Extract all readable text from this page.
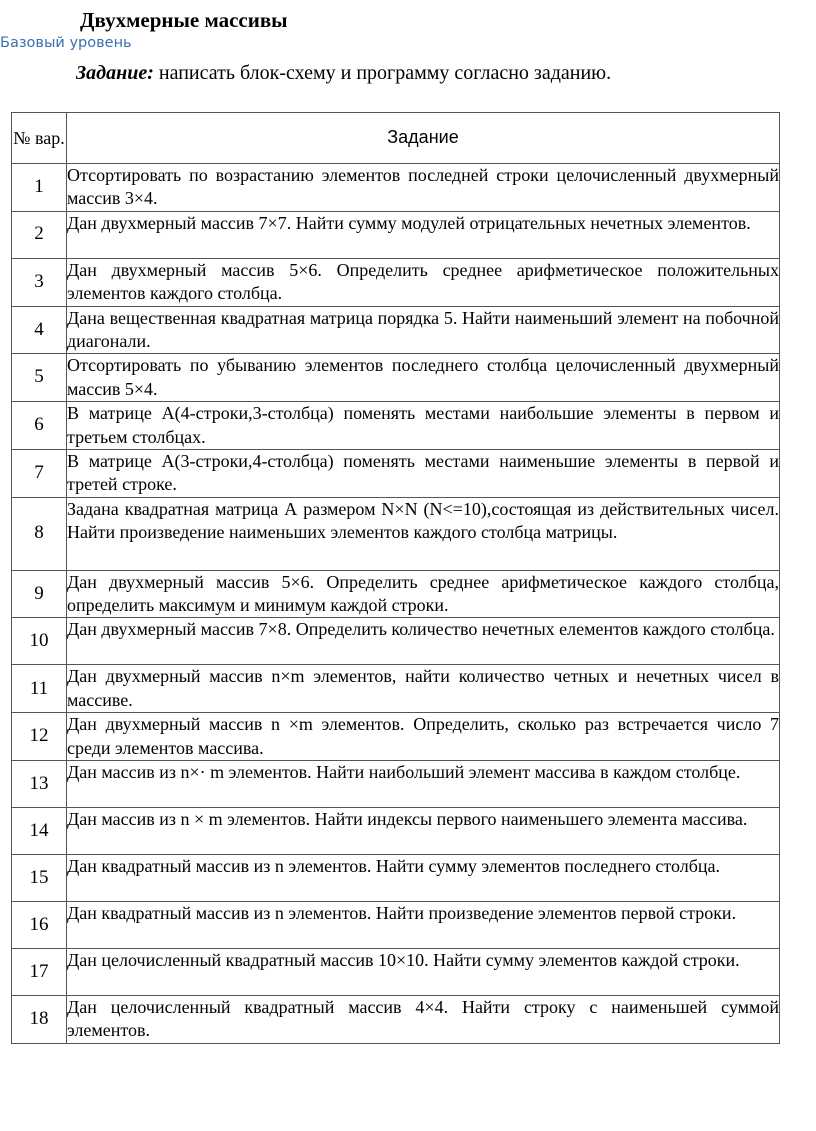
Двухмерные массивы
Базовый уровень
Задание: написать блок-схему и программу согласно заданию.
№ вар.	Задание
1	Отсортировать по возрастанию элементов последней строки целочисленный двухмерный массив 3×4.
2	Дан двухмерный массив 7×7. Найти сумму модулей отрицательных нечетных элементов.
3	Дан двухмерный массив 5×6. Определить среднее арифметическое положительных элементов каждого столбца.
4	Дана вещественная квадратная матрица порядка 5. Найти наименьший элемент на побочной диагонали.
5	Отсортировать по убыванию элементов последнего столбца целочисленный двухмерный массив 5×4.
6	В матрице A(4-строки,3-столбца) поменять местами наибольшие элементы в первом и третьем столбцах.
7	В матрице A(3-строки,4-столбца) поменять местами наименьшие элементы в первой и третей строке.
8	Задана квадратная матрица А размером N×N (N<=10),состоящая из действительных чисел. Найти произведение наименьших элементов каждого столбца матрицы.
9	Дан двухмерный массив 5×6. Определить среднее арифметическое каждого столбца, определить максимум и минимум каждой строки.
10	Дан двухмерный массив 7×8. Определить количество нечетных елементов каждого столбца.
11	Дан двухмерный массив n×m элементов, найти количество четных и нечетных чисел в массиве.
12	Дан двухмерный массив n ×m элементов. Определить, сколько раз встречается число 7 среди элементов массива.
13	Дан массив из n×· m элементов. Найти наибольший элемент массива в каждом столбце.
14	Дан массив из n × m элементов. Найти индексы первого наименьшего элемента массива.
15	Дан квадратный массив из n элементов. Найти сумму элементов последнего столбца.
16	Дан квадратный массив из n элементов. Найти произведение элементов первой строки.
17	Дан целочисленный квадратный массив 10×10. Найти сумму элементов каждой строки.
18	Дан целочисленный квадратный массив 4×4. Найти строку с наименьшей суммой элементов.
